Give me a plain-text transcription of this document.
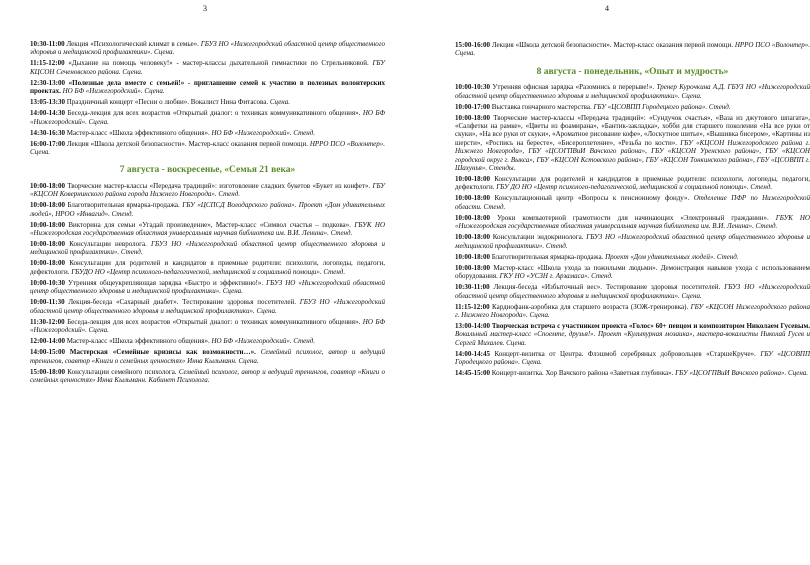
3	4
10:30-11:00 Лекция «Психологический климат в семье». ГБУЗ НО «Нижегородский областной центр общественного здоровья и медицинской профилактики». Сцена.
11:15-12:00 «Дыхание на помощь человеку!» - мастер-классы дыхательной гимнастики по Стрельниковой. ГБУ КЦСОН Сеченовского района. Сцена.
12:30-13:00 «Полезные дела вместе с семьей!» - приглашение семей к участию в полезных волонтерских проектах. НО БФ «Нижегородский». Сцена.
13:05-13:30 Праздничный концерт «Песни о любви». Вокалист Нина Фитасова. Сцена.
14:00-14:30 Беседа-лекция для всех возрастов «Открытый диалог: о техниках коммуникативного общения». НО БФ «Нижегородский». Сцена.
14:30-16:30 Мастер-класс «Школа эффективного общения». НО БФ «Нижегородский». Стенд.
16:00-17:00 Лекция «Школа детской безопасности». Мастер-класс оказания первой помощи. НРРО ПСО «Волонтер». Сцена.
7 августа - воскресенье, «Семья 21 века»
10:00-18:00 Творческие мастер-классы «Передача традиций»: изготовление сладких букетов «Букет из конфет». ГБУ «КЦСОН Ковернинского района города Нижнего Новгорода». Стенд.
10:00-18:00 Благотворительная ярмарка-продажа. ГБУ «ЦСПСД Володарского района». Проект «Дом удивительных людей», НРОО «Инвагид». Стенд.
10:00-18:00 Викторина для семьи «Угадай произведение», Мастер-класс «Символ счастья – подкова». ГБУК НО «Нижегородская государственная областная универсальная научная библиотека им. В.И. Ленина». Стенд.
10:00-18:00 Консультации невролога. ГБУЗ НО «Нижегородский областной центр общественного здоровья и медицинской профилактики». Стенд.
10:00-18:00 Консультации для родителей и кандидатов в приемные родители: психологи, логопеды, педагоги, дефектологи. ГБУДО НО «Центр психолого-педагогической, медицинской и социальной помощи». Стенд.
10:00-10:30 Утренняя общеукрепляющая зарядка «Быстро и эффективно!». ГБУЗ НО «Нижегородский областной центр общественного здоровья и медицинской профилактики». Сцена.
10:00-11:30 Лекция-беседа «Сахарный диабет». Тестирование здоровья посетителей. ГБУЗ НО «Нижегородский областной центр общественного здоровья и медицинской профилактики». Сцена.
11:30-12:00 Беседа-лекция для всех возрастов «Открытый диалог: о техниках коммуникативного общения». НО БФ «Нижегородский». Сцена.
12:00-14:00 Мастер-класс «Школа эффективного общения». НО БФ «Нижегородский». Стенд.
14:00-15:00 Мастерская «Семейные кризисы как возможности…». Семейный психолог, автор и ведущий тренингов, соавтор «Книги о семейных ценностях» Инна Кыльманн. Сцена.
15:00-18:00 Консультации семейного психолога. Семейный психолог, автор и ведущий тренингов, соавтор «Книги о семейных ценностях» Инна Кыльманн. Кабинет Психолога.
15:00-16:00 Лекция «Школа детской безопасности». Мастер-класс оказания первой помощи. НРРО ПСО «Волонтер». Сцена.
8 августа - понедельник, «Опыт и мудрость»
10:00-10:30 Утренняя офисная зарядка «Разомнись в перерыве!». Тренер Курочкина А.Д. ГБУЗ НО «Нижегородский областной центр общественного здоровья и медицинской профилактики». Сцена.
10:00-17:00 Выставка гончарного мастерства. ГБУ «ЦСОВПП Городецкого района». Стенд.
10:00-18:00 Творческие мастер-классы «Передача традиций»: «Сундучок счастья», «Ваза из джутового шпагата», «Салфетки на рамке», «Цветы из фоамирана», «Бантик-закладка», хобби для старшего поколения «На все руки от скуки», «На все руки от скуки», «Ароматное рисование кофе», «Лоскутное шитье», «Вышивка бисером», «Картины из шерсти», «Роспись на бересте», «Бисероплетение», «Резьба по кости». ГБУ «КЦСОН Нижегородского района г. Нижнего Новгорода», ГБУ «ЦСОГПВиИ Вачского района», ГБУ «КЦСОН Уренского района», ГБУ «КЦСОН городской округ г. Выкса», ГБУ «КЦСОН Кстовского района», ГБУ «КЦСОН Тонкинского района», ГБУ «ЦСОВПП г. Шахунья». Стенды.
10:00-18:00 Консультации для родителей и кандидатов в приемные родители: психологи, логопеды, педагоги, дефектологи. ГБУ ДО НО «Центр психолого-педагогической, медицинской и социальной помощи». Стенд.
10:00-18:00 Консультационный центр «Вопросы к пенсионному фонду». Отделение ПФР по Нижегородской области. Стенд.
10:00-18:00 Уроки компьютерной грамотности для начинающих «Электронный гражданин». ГБУК НО «Нижегородская государственная областная универсальная научная библиотека им. В.И. Ленина». Стенд.
10:00-18:00 Консультации эндокринолога. ГБУЗ НО «Нижегородский областной центр общественного здоровья и медицинской профилактики». Стенд.
10:00-18:00 Благотворительная ярмарка-продажа. Проект «Дом удивительных людей». Стенд.
10:00-18:00 Мастер-класс «Школа ухода за пожилыми людьми». Демонстрация навыков ухода с использованием оборудования. ГКУ НО «УСЗН г. Арзамаса». Стенд.
10:30-11:00 Лекция-беседа «Избыточный вес». Тестирование здоровья посетителей. ГБУЗ НО «Нижегородский областной центр общественного здоровья и медицинской профилактики». Сцена.
11:15-12:00 Кардиофанк-аэробика для старшего возраста (ЗОЖ-тренировка). ГБУ «КЦСОН Нижегородского района г. Нижнего Новгорода». Сцена.
13:00-14:00 Творческая встреча с участником проекта «Голос» 60+ певцом и композитором Николаем Гусевым. Вокальный мастер-класс «Споемте, друзья!». Проект «Культурная мозаика», мастера-вокалисты Николай Гусев и Сергей Михалев. Сцена.
14:00-14:45 Концерт-визитка от Центра. Флэшмоб серебряных добровольцев «СтаршеКруче». ГБУ «ЦСОВПП Городецкого района». Сцена.
14:45-15:00 Концерт-визитка. Хор Вачского района «Заветная глубинка». ГБУ «ЦСОГПВиИ Вачского района». Сцена.
